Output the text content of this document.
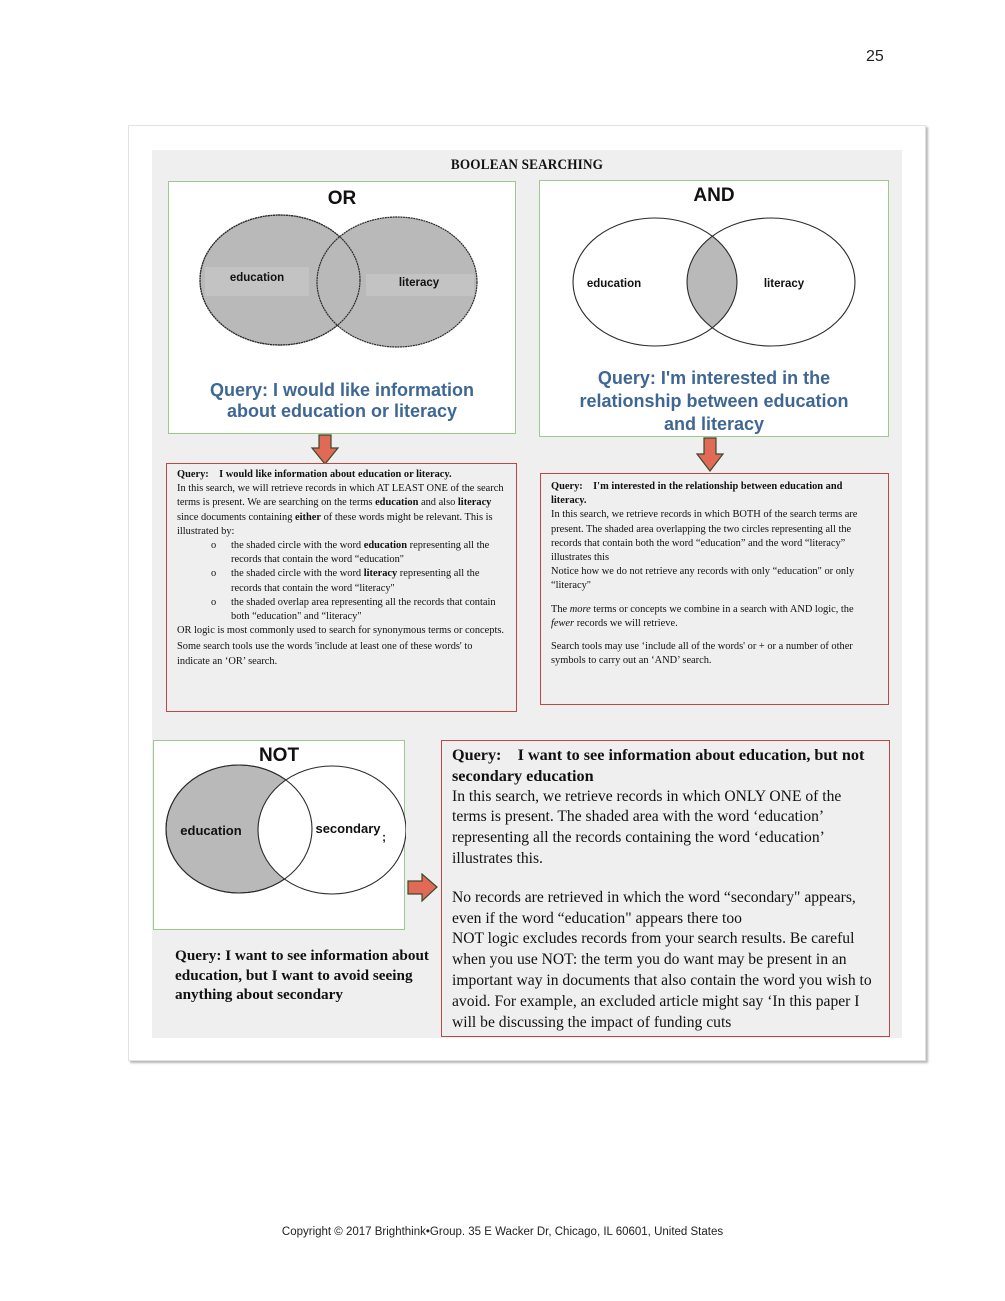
25
BOOLEAN SEARCHING
OR
education	literacy
Query: I would like information
about education or literacy
AND
education	literacy
Query: I'm interested in the
relationship between education
and literacy

Query: I would like information about education or literacy.

In this search, we will retrieve records in which AT LEAST ONE of the search terms is present. We are searching on the terms education and also literacy since documents containing either of these words might be relevant. This is illustrated by:

o the shaded circle with the word education representing all the records that contain the word “education"
o the shaded circle with the word literacy representing all the records that contain the word “literacy"
o the shaded overlap area representing all the records that contain both “education" and “literacy"

OR logic is most commonly used to search for synonymous terms or concepts.

Some search tools use the words 'include at least one of these words' to indicate an ‘OR’ search.

Query: I'm interested in the relationship between education and literacy.

In this search, we retrieve records in which BOTH of the search terms are present. The shaded area overlapping the two circles representing all the records that contain both the word “education” and the word “literacy” illustrates this

Notice how we do not retrieve any records with only “education" or only “literacy"

The more terms or concepts we combine in a search with AND logic, the fewer records we will retrieve.

Search tools may use ‘include all of the words' or + or a number of other symbols to carry out an ‘AND’ search.

NOT
education	secondary
;
Query: I want to see information about education, but I want to avoid seeing anything about secondary

Query: I want to see information about education, but not secondary education

In this search, we retrieve records in which ONLY ONE of the terms is present. The shaded area with the word ‘education’ representing all the records containing the word ‘education’ illustrates this.

No records are retrieved in which the word “secondary" appears, even if the word “education" appears there too

NOT logic excludes records from your search results. Be careful when you use NOT: the term you do want may be present in an important way in documents that also contain the word you wish to avoid. For example, an excluded article might say ‘In this paper I will be discussing the impact of funding cuts

Copyright © 2017 Brighthink•Group. 35 E Wacker Dr, Chicago, IL 60601, United States
